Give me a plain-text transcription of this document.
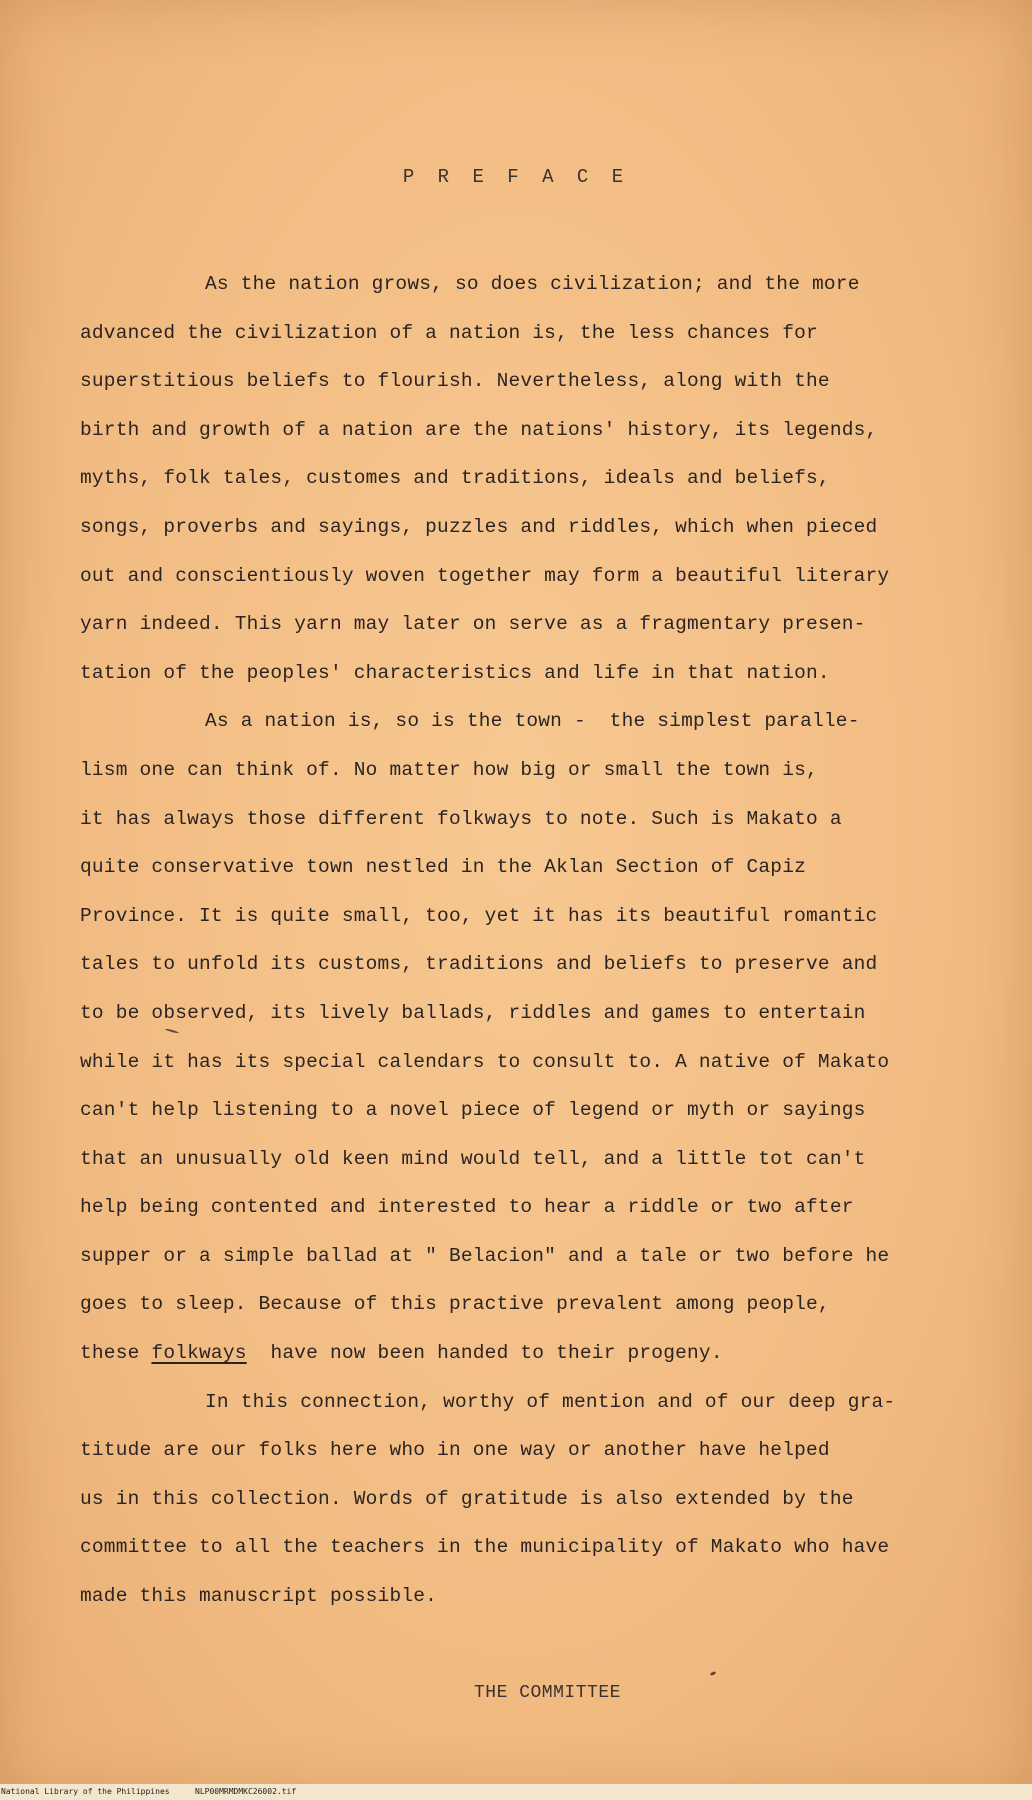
P R E F A C E
As the nation grows, so does civilization; and the more
advanced the civilization of a nation is, the less chances for
superstitious beliefs to flourish. Nevertheless, along with the
birth and growth of a nation are the nations' history, its legends,
myths, folk tales, customes and traditions, ideals and beliefs,
songs, proverbs and sayings, puzzles and riddles, which when pieced
out and conscientiously woven together may form a beautiful literary
yarn indeed. This yarn may later on serve as a fragmentary presen-
tation of the peoples' characteristics and life in that nation.
As a nation is, so is the town -  the simplest paralle-
lism one can think of. No matter how big or small the town is,
it has always those different folkways to note. Such is Makato a
quite conservative town nestled in the Aklan Section of Capiz
Province. It is quite small, too, yet it has its beautiful romantic
tales to unfold its customs, traditions and beliefs to preserve and
to be observed, its lively ballads, riddles and games to entertain
while it has its special calendars to consult to. A native of Makato
can't help listening to a novel piece of legend or myth or sayings
that an unusually old keen mind would tell, and a little tot can't
help being contented and interested to hear a riddle or two after
supper or a simple ballad at " Belacion" and a tale or two before he
goes to sleep. Because of this practive prevalent among people,
these folkways  have now been handed to their progeny.
In this connection, worthy of mention and of our deep gra-
titude are our folks here who in one way or another have helped
us in this collection. Words of gratitude is also extended by the
committee to all the teachers in the municipality of Makato who have
made this manuscript possible.
THE COMMITTEE
National Library of the Philippines	NLP00MRMDMKC26002.tif
